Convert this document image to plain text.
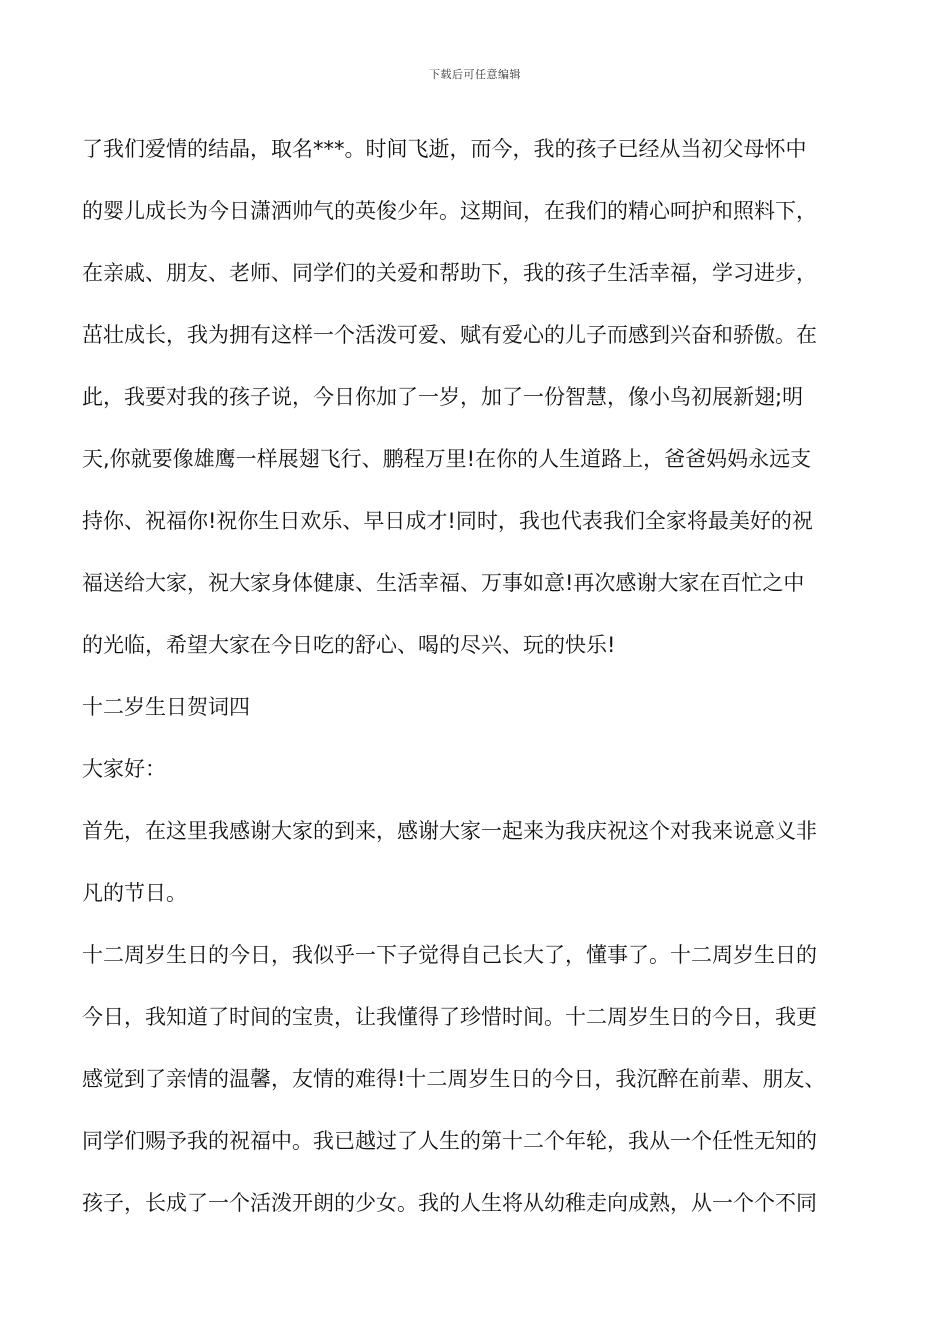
下载后可任意编辑
了我们爱情的结晶，取名***。时间飞逝，而今，我的孩子已经从当初父母怀中
的婴儿成长为今日潇洒帅气的英俊少年。这期间，在我们的精心呵护和照料下，
在亲戚、朋友、老师、同学们的关爱和帮助下，我的孩子生活幸福，学习进步，
茁壮成长，我为拥有这样一个活泼可爱、赋有爱心的儿子而感到兴奋和骄傲。在
此，我要对我的孩子说，今日你加了一岁，加了一份智慧，像小鸟初展新翅;明
天,你就要像雄鹰一样展翅飞行、鹏程万里!在你的人生道路上，爸爸妈妈永远支
持你、祝福你!祝你生日欢乐、早日成才!同时，我也代表我们全家将最美好的祝
福送给大家，祝大家身体健康、生活幸福、万事如意!再次感谢大家在百忙之中
的光临，希望大家在今日吃的舒心、喝的尽兴、玩的快乐!
十二岁生日贺词四
大家好：
首先，在这里我感谢大家的到来，感谢大家一起来为我庆祝这个对我来说意义非
凡的节日。
十二周岁生日的今日，我似乎一下子觉得自己长大了，懂事了。十二周岁生日的
今日，我知道了时间的宝贵，让我懂得了珍惜时间。十二周岁生日的今日，我更
感觉到了亲情的温馨，友情的难得!十二周岁生日的今日，我沉醉在前辈、朋友、
同学们赐予我的祝福中。我已越过了人生的第十二个年轮，我从一个任性无知的
孩子，长成了一个活泼开朗的少女。我的人生将从幼稚走向成熟，从一个个不同
